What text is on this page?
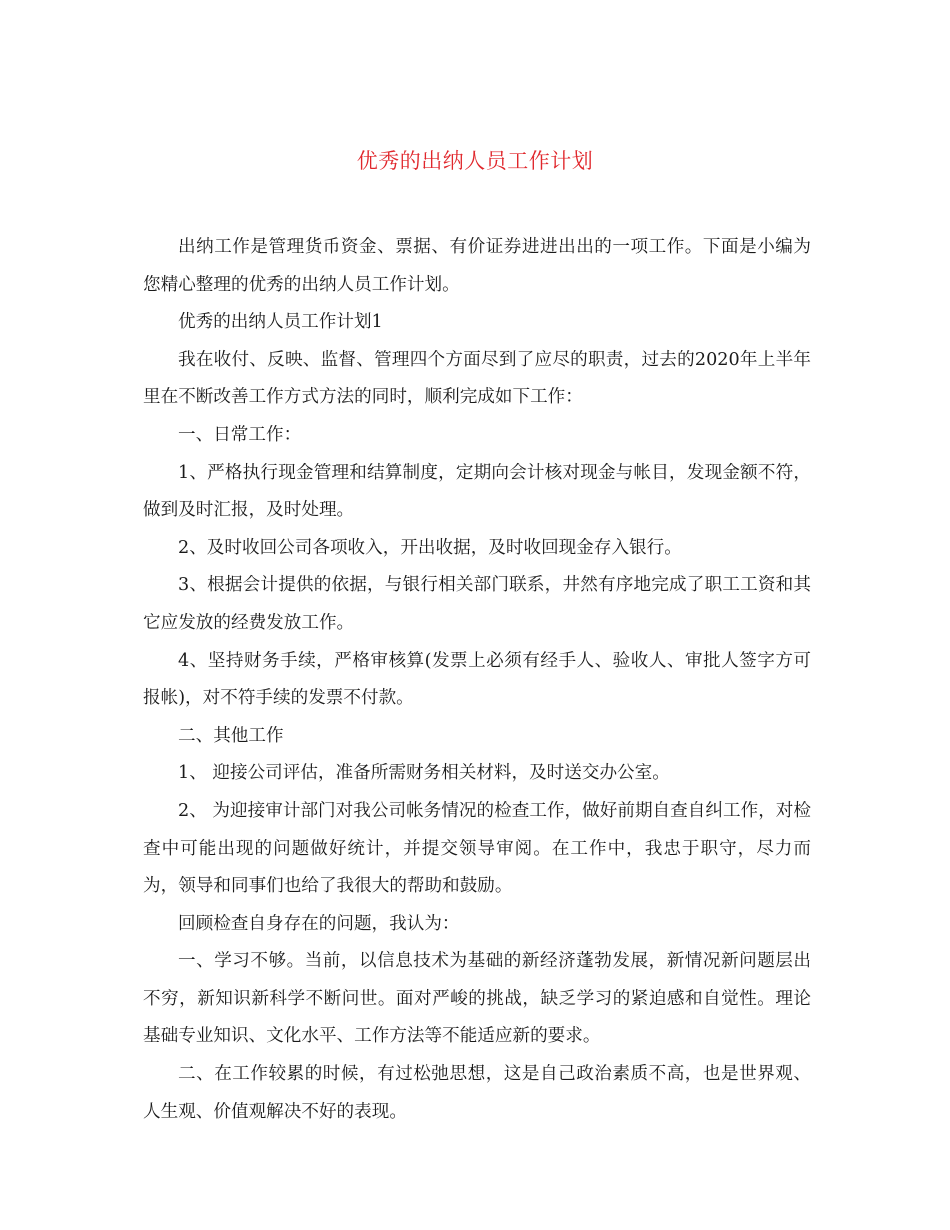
优秀的出纳人员工作计划

出纳工作是管理货币资金、票据、有价证券进进出出的一项工作。下面是小编为您精心整理的优秀的出纳人员工作计划。

优秀的出纳人员工作计划1

我在收付、反映、监督、管理四个方面尽到了应尽的职责，过去的2020年上半年里在不断改善工作方式方法的同时，顺利完成如下工作：

一、日常工作：

1、严格执行现金管理和结算制度，定期向会计核对现金与帐目，发现金额不符，做到及时汇报，及时处理。

2、及时收回公司各项收入，开出收据，及时收回现金存入银行。

3、根据会计提供的依据，与银行相关部门联系，井然有序地完成了职工工资和其它应发放的经费发放工作。

4、坚持财务手续，严格审核算(发票上必须有经手人、验收人、审批人签字方可报帐)，对不符手续的发票不付款。

二、其他工作

1、 迎接公司评估，准备所需财务相关材料，及时送交办公室。

2、 为迎接审计部门对我公司帐务情况的检查工作，做好前期自查自纠工作，对检查中可能出现的问题做好统计，并提交领导审阅。在工作中，我忠于职守，尽力而为，领导和同事们也给了我很大的帮助和鼓励。

回顾检查自身存在的问题，我认为：

一、学习不够。当前，以信息技术为基础的新经济蓬勃发展，新情况新问题层出不穷，新知识新科学不断问世。面对严峻的挑战，缺乏学习的紧迫感和自觉性。理论基础专业知识、文化水平、工作方法等不能适应新的要求。

二、在工作较累的时候，有过松弛思想，这是自己政治素质不高，也是世界观、人生观、价值观解决不好的表现。
